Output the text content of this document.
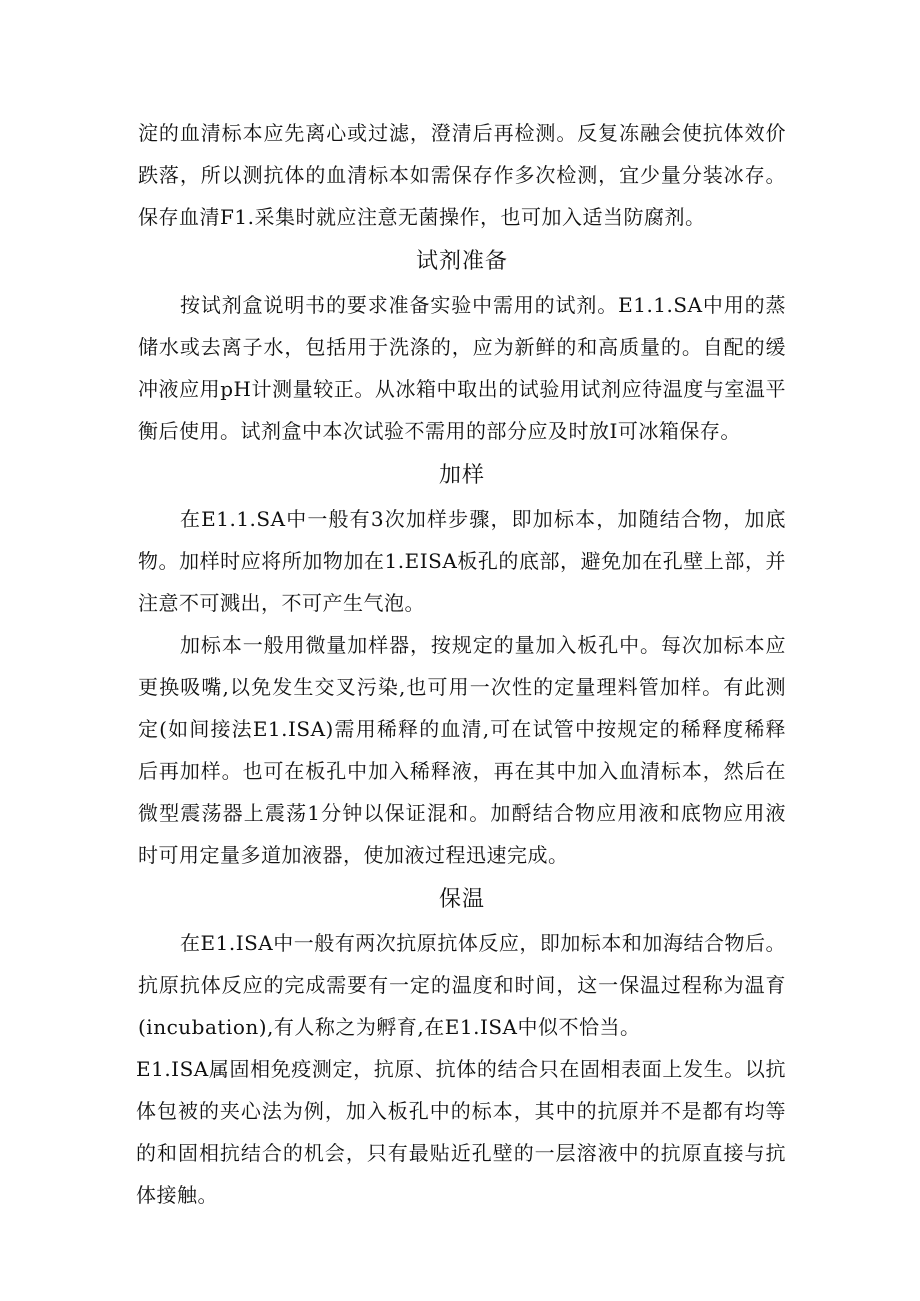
淀的血清标本应先离心或过滤，澄清后再检测。反复冻融会使抗体效价跌落，所以测抗体的血清标本如需保存作多次检测，宜少量分装冰存。保存血清F1.采集时就应注意无菌操作，也可加入适当防腐剂。

试剂准备

按试剂盒说明书的要求准备实验中需用的试剂。E1.1.SA中用的蒸储水或去离子水，包括用于洗涤的，应为新鲜的和高质量的。自配的缓冲液应用pH计测量较正。从冰箱中取出的试验用试剂应待温度与室温平衡后使用。试剂盒中本次试验不需用的部分应及时放I可冰箱保存。

加样

在E1.1.SA中一般有3次加样步骤，即加标本，加随结合物，加底物。加样时应将所加物加在1.EISA板孔的底部，避免加在孔壁上部，并注意不可溅出，不可产生气泡。

加标本一般用微量加样器，按规定的量加入板孔中。每次加标本应更换吸嘴,以免发生交叉污染,也可用一次性的定量理料管加样。有此测定(如间接法E1.ISA)需用稀释的血清,可在试管中按规定的稀释度稀释后再加样。也可在板孔中加入稀释液，再在其中加入血清标本，然后在微型震荡器上震荡1分钟以保证混和。加酹结合物应用液和底物应用液时可用定量多道加液器，使加液过程迅速完成。

保温

在E1.ISA中一般有两次抗原抗体反应，即加标本和加海结合物后。抗原抗体反应的完成需要有一定的温度和时间，这一保温过程称为温育(incubation),有人称之为孵育,在E1.ISA中似不恰当。

E1.ISA属固相免疫测定，抗原、抗体的结合只在固相表面上发生。以抗体包被的夹心法为例，加入板孔中的标本，其中的抗原并不是都有均等的和固相抗结合的机会，只有最贴近孔壁的一层溶液中的抗原直接与抗体接触。
